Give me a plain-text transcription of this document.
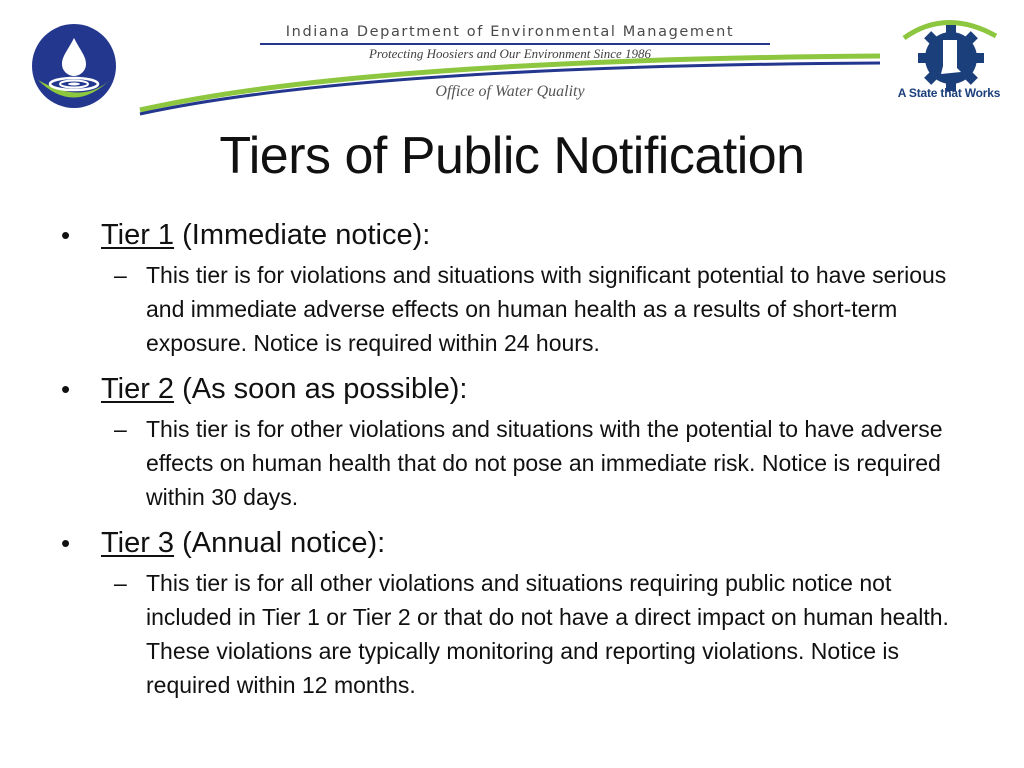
Indiana Department of Environmental Management
Protecting Hoosiers and Our Environment Since 1986
Office of Water Quality	A State that Works
Tiers of Public Notification
• Tier 1 (Immediate notice):
– This tier is for violations and situations with significant potential to have serious and immediate adverse effects on human health as a results of short-term exposure. Notice is required within 24 hours.

• Tier 2 (As soon as possible):
– This tier is for other violations and situations with the potential to have adverse effects on human health that do not pose an immediate risk. Notice is required within 30 days.

• Tier 3 (Annual notice):
– This tier is for all other violations and situations requiring public notice not included in Tier 1 or Tier 2 or that do not have a direct impact on human health. These violations are typically monitoring and reporting violations. Notice is required within 12 months.
